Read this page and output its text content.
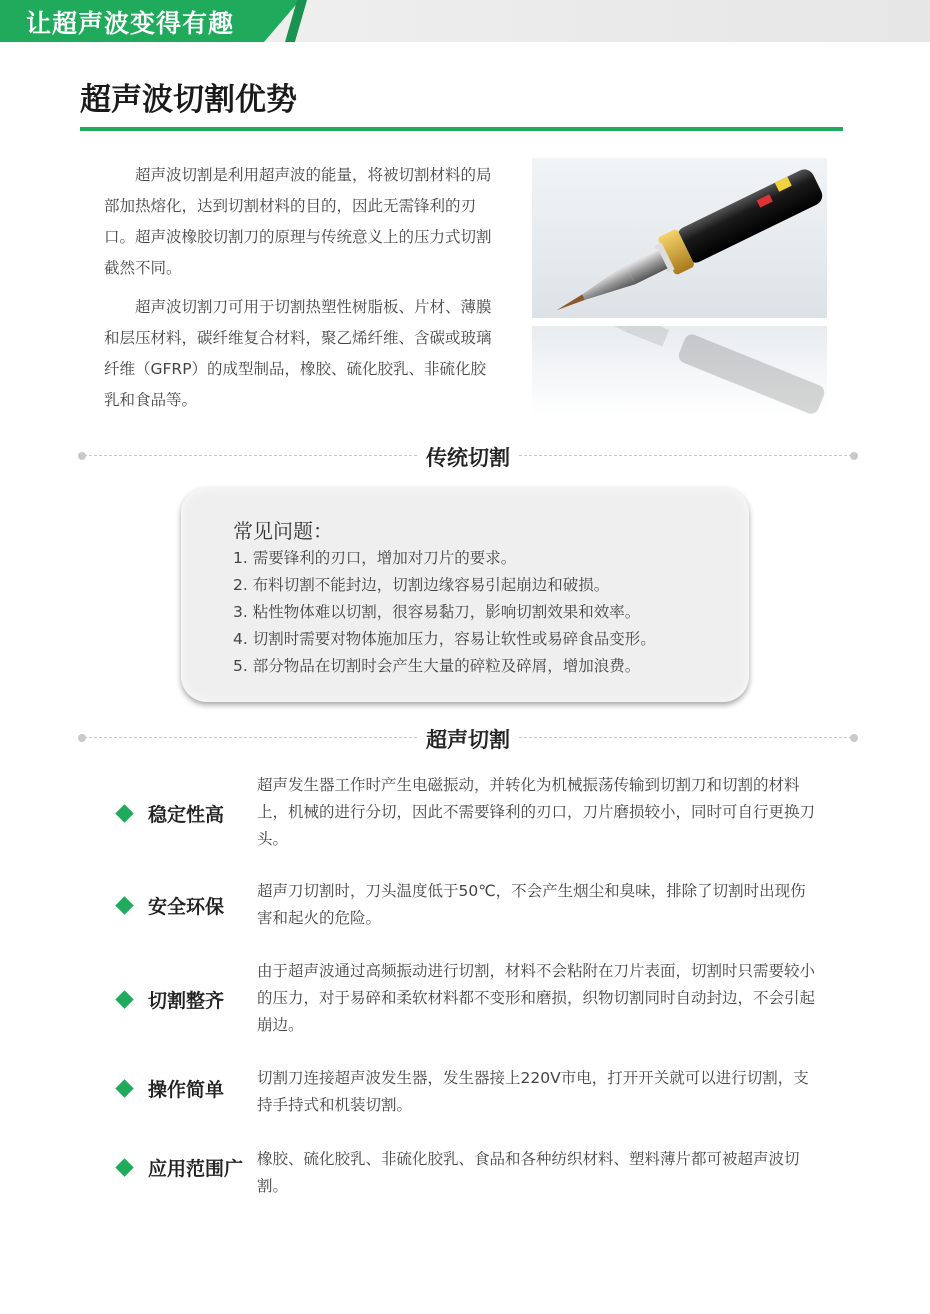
让超声波变得有趣
超声波切割优势

超声波切割是利用超声波的能量，将被切割材料的局部加热熔化，达到切割材料的目的，因此无需锋利的刃口。超声波橡胶切割刀的原理与传统意义上的压力式切割截然不同。

超声波切割刀可用于切割热塑性树脂板、片材、薄膜和层压材料，碳纤维复合材料，聚乙烯纤维、含碳或玻璃纤维（GFRP）的成型制品，橡胶、硫化胶乳、非硫化胶乳和食品等。

传统切割
常见问题：
1. 需要锋利的刃口，增加对刀片的要求。
2. 布料切割不能封边，切割边缘容易引起崩边和破损。
3. 粘性物体难以切割，很容易黏刀，影响切割效果和效率。
4. 切割时需要对物体施加压力，容易让软性或易碎食品变形。
5. 部分物品在切割时会产生大量的碎粒及碎屑，增加浪费。
超声切割
稳定性高
超声发生器工作时产生电磁振动，并转化为机械振荡传输到切割刀和切割的材料上，机械的进行分切，因此不需要锋利的刃口，刀片磨损较小，同时可自行更换刀头。
安全环保
超声刀切割时，刀头温度低于50℃，不会产生烟尘和臭味，排除了切割时出现伤害和起火的危险。
切割整齐
由于超声波通过高频振动进行切割，材料不会粘附在刀片表面，切割时只需要较小的压力，对于易碎和柔软材料都不变形和磨损，织物切割同时自动封边，不会引起崩边。
操作简单
切割刀连接超声波发生器，发生器接上220V市电，打开开关就可以进行切割，支持手持式和机装切割。
应用范围广 橡胶、硫化胶乳、非硫化胶乳、食品和各种纺织材料、塑料薄片都可被超声波切割。
